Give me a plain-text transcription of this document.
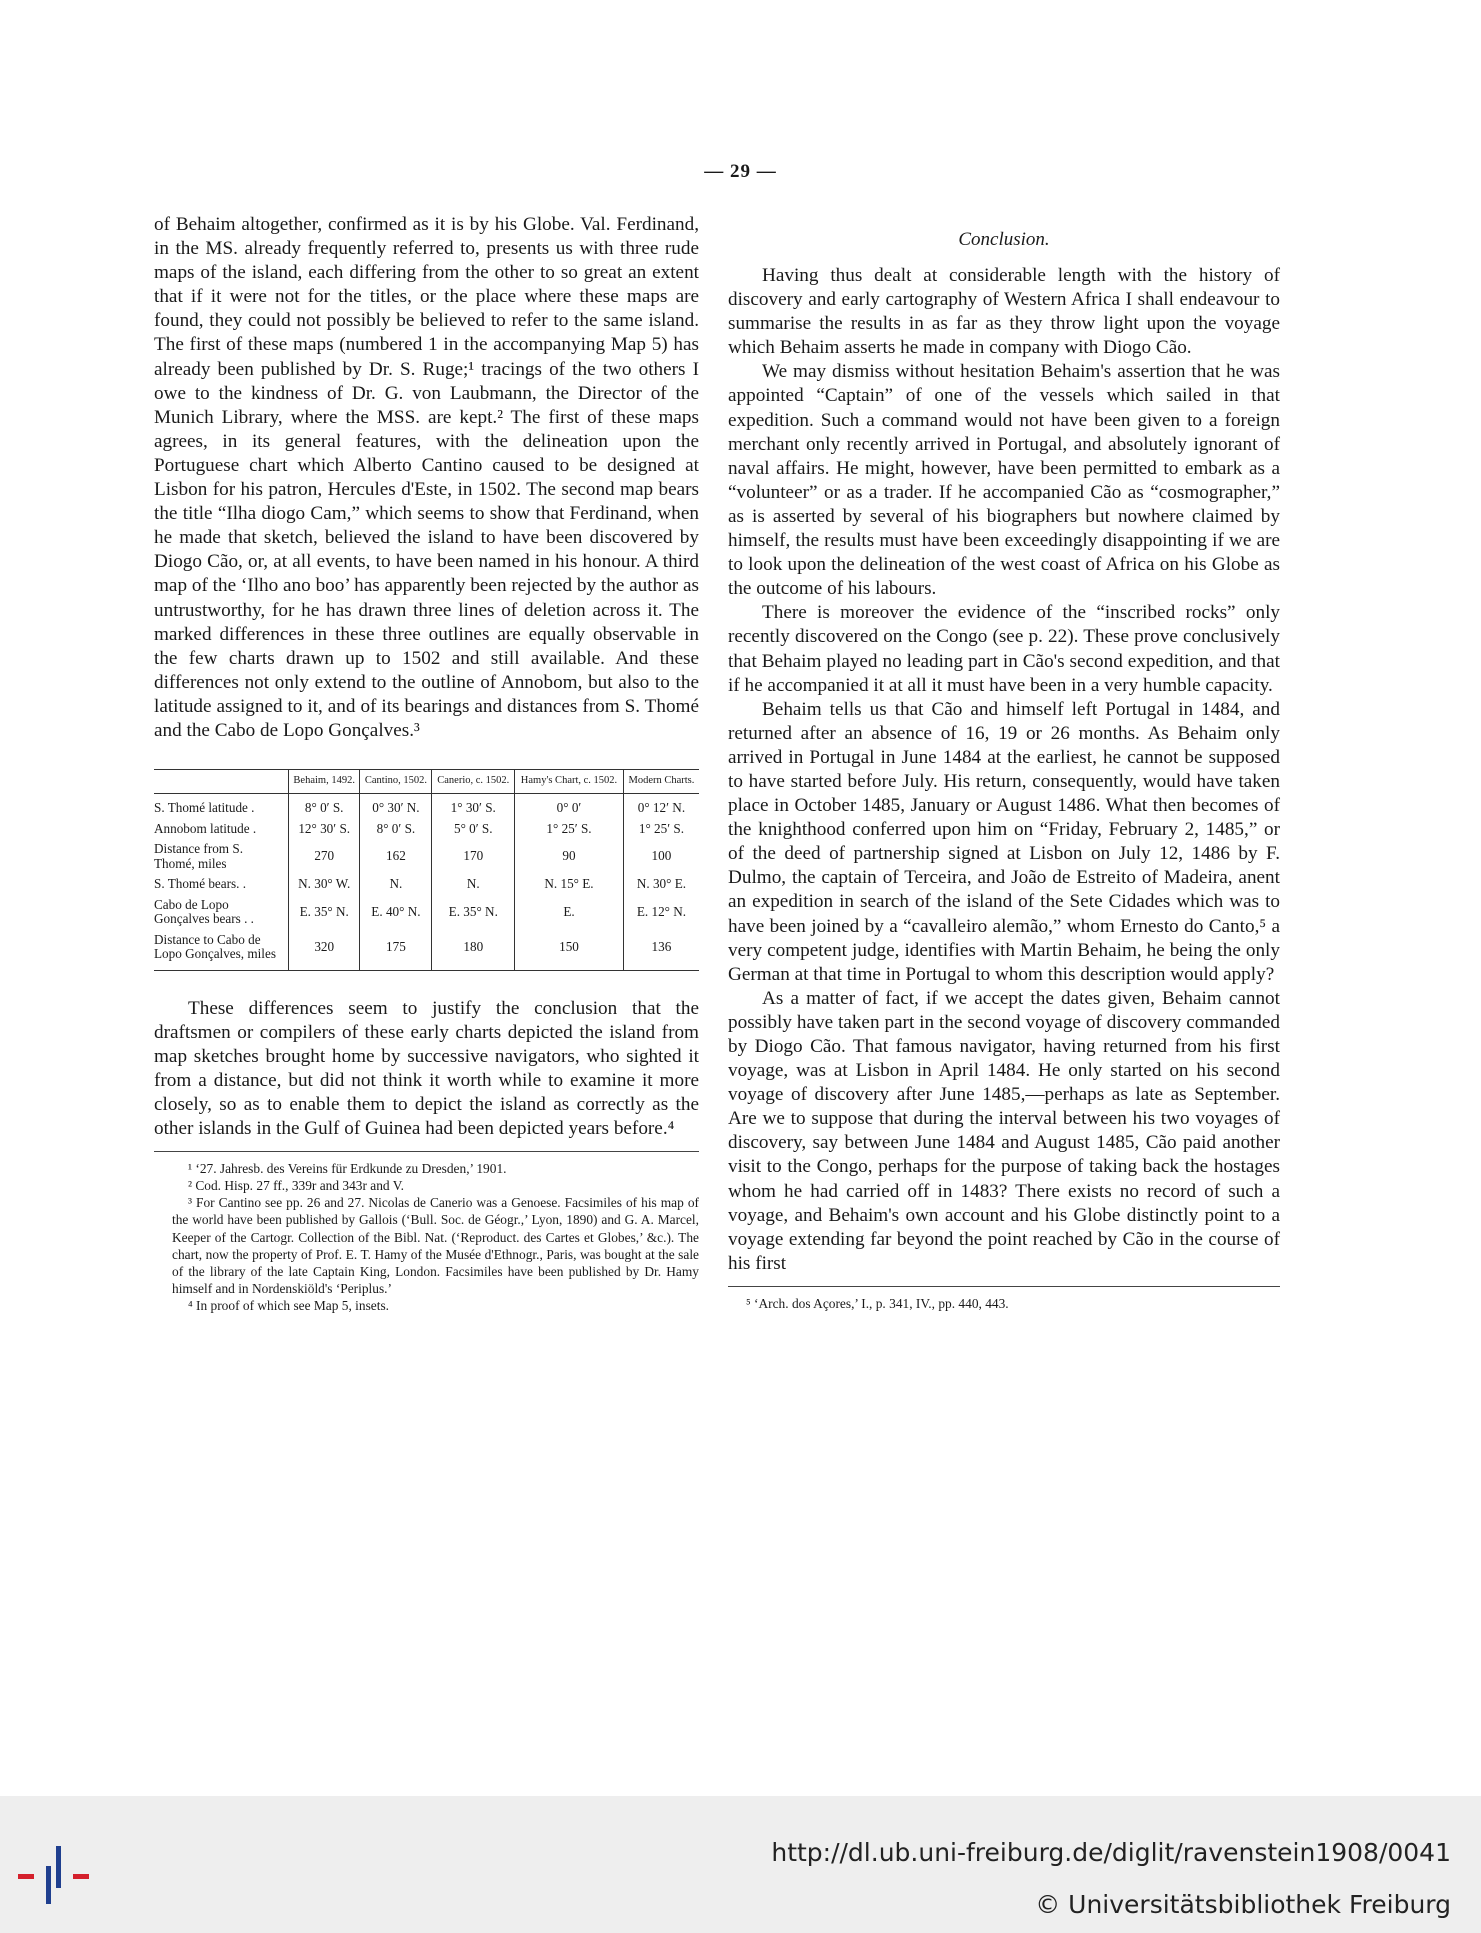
— 29 —

of Behaim altogether, confirmed as it is by his Globe. Val. Ferdinand, in the MS. already frequently referred to, presents us with three rude maps of the island, each differing from the other to so great an extent that if it were not for the titles, or the place where these maps are found, they could not possibly be believed to refer to the same island. The first of these maps (numbered 1 in the accompanying Map 5) has already been published by Dr. S. Ruge;¹ tracings of the two others I owe to the kindness of Dr. G. von Laubmann, the Director of the Munich Library, where the MSS. are kept.² The first of these maps agrees, in its general features, with the delineation upon the Portuguese chart which Alberto Cantino caused to be designed at Lisbon for his patron, Hercules d'Este, in 1502. The second map bears the title “Ilha diogo Cam,” which seems to show that Ferdinand, when he made that sketch, believed the island to have been discovered by Diogo Cão, or, at all events, to have been named in his honour. A third map of the ‘Ilho ano boo’ has apparently been rejected by the author as untrustworthy, for he has drawn three lines of deletion across it. The marked differences in these three outlines are equally observable in the few charts drawn up to 1502 and still available. And these differences not only extend to the outline of Annobom, but also to the latitude assigned to it, and of its bearings and distances from S. Thomé and the Cabo de Lopo Gonçalves.³

	Behaim, 1492.	Cantino, 1502.	Canerio, c. 1502.	Hamy's Chart, c. 1502.	Modern Charts.
S. Thomé latitude .	8° 0′ S.	0° 30′ N.	1° 30′ S.	0° 0′	0° 12′ N.
Annobom latitude .	12° 30′ S.	8° 0′ S.	5° 0′ S.	1° 25′ S.	1° 25′ S.
Distance from S. Thomé, miles	270	162	170	90	100
S. Thomé bears. .	N. 30° W.	N.	N.	N. 15° E.	N. 30° E.
Cabo de Lopo Gonçalves bears . .	E. 35° N.	E. 40° N.	E. 35° N.	E.	E. 12° N.
Distance to Cabo de Lopo Gonçalves, miles	320	175	180	150	136

These differences seem to justify the conclusion that the draftsmen or compilers of these early charts depicted the island from map sketches brought home by successive navigators, who sighted it from a distance, but did not think it worth while to examine it more closely, so as to enable them to depict the island as correctly as the other islands in the Gulf of Guinea had been depicted years before.⁴

¹ ‘27. Jahresb. des Vereins für Erdkunde zu Dresden,’ 1901.

² Cod. Hisp. 27 ff., 339r and 343r and V.

³ For Cantino see pp. 26 and 27. Nicolas de Canerio was a Genoese. Facsimiles of his map of the world have been published by Gallois (‘Bull. Soc. de Géogr.,’ Lyon, 1890) and G. A. Marcel, Keeper of the Cartogr. Collection of the Bibl. Nat. (‘Reproduct. des Cartes et Globes,’ &c.). The chart, now the property of Prof. E. T. Hamy of the Musée d'Ethnogr., Paris, was bought at the sale of the library of the late Captain King, London. Facsimiles have been published by Dr. Hamy himself and in Nordenskiöld's ‘Periplus.’

⁴ In proof of which see Map 5, insets.

Conclusion.

Having thus dealt at considerable length with the history of discovery and early cartography of Western Africa I shall endeavour to summarise the results in as far as they throw light upon the voyage which Behaim asserts he made in company with Diogo Cão.

We may dismiss without hesitation Behaim's assertion that he was appointed “Captain” of one of the vessels which sailed in that expedition. Such a command would not have been given to a foreign merchant only recently arrived in Portugal, and absolutely ignorant of naval affairs. He might, however, have been permitted to embark as a “volunteer” or as a trader. If he accompanied Cão as “cosmographer,” as is asserted by several of his biographers but nowhere claimed by himself, the results must have been exceedingly disappointing if we are to look upon the delineation of the west coast of Africa on his Globe as the outcome of his labours.

There is moreover the evidence of the “inscribed rocks” only recently discovered on the Congo (see p. 22). These prove conclusively that Behaim played no leading part in Cão's second expedition, and that if he accompanied it at all it must have been in a very humble capacity.

Behaim tells us that Cão and himself left Portugal in 1484, and returned after an absence of 16, 19 or 26 months. As Behaim only arrived in Portugal in June 1484 at the earliest, he cannot be supposed to have started before July. His return, consequently, would have taken place in October 1485, January or August 1486. What then becomes of the knighthood conferred upon him on “Friday, February 2, 1485,” or of the deed of partnership signed at Lisbon on July 12, 1486 by F. Dulmo, the captain of Terceira, and João de Estreito of Madeira, anent an expedition in search of the island of the Sete Cidades which was to have been joined by a “cavalleiro alemão,” whom Ernesto do Canto,⁵ a very competent judge, identifies with Martin Behaim, he being the only German at that time in Portugal to whom this description would apply?

As a matter of fact, if we accept the dates given, Behaim cannot possibly have taken part in the second voyage of discovery commanded by Diogo Cão. That famous navigator, having returned from his first voyage, was at Lisbon in April 1484. He only started on his second voyage of discovery after June 1485,—perhaps as late as September. Are we to suppose that during the interval between his two voyages of discovery, say between June 1484 and August 1485, Cão paid another visit to the Congo, perhaps for the purpose of taking back the hostages whom he had carried off in 1483? There exists no record of such a voyage, and Behaim's own account and his Globe distinctly point to a voyage extending far beyond the point reached by Cão in the course of his first

⁵ ‘Arch. dos Açores,’ I., p. 341, IV., pp. 440, 443.

http://dl.ub.uni-freiburg.de/diglit/ravenstein1908/0041
© Universitätsbibliothek Freiburg
